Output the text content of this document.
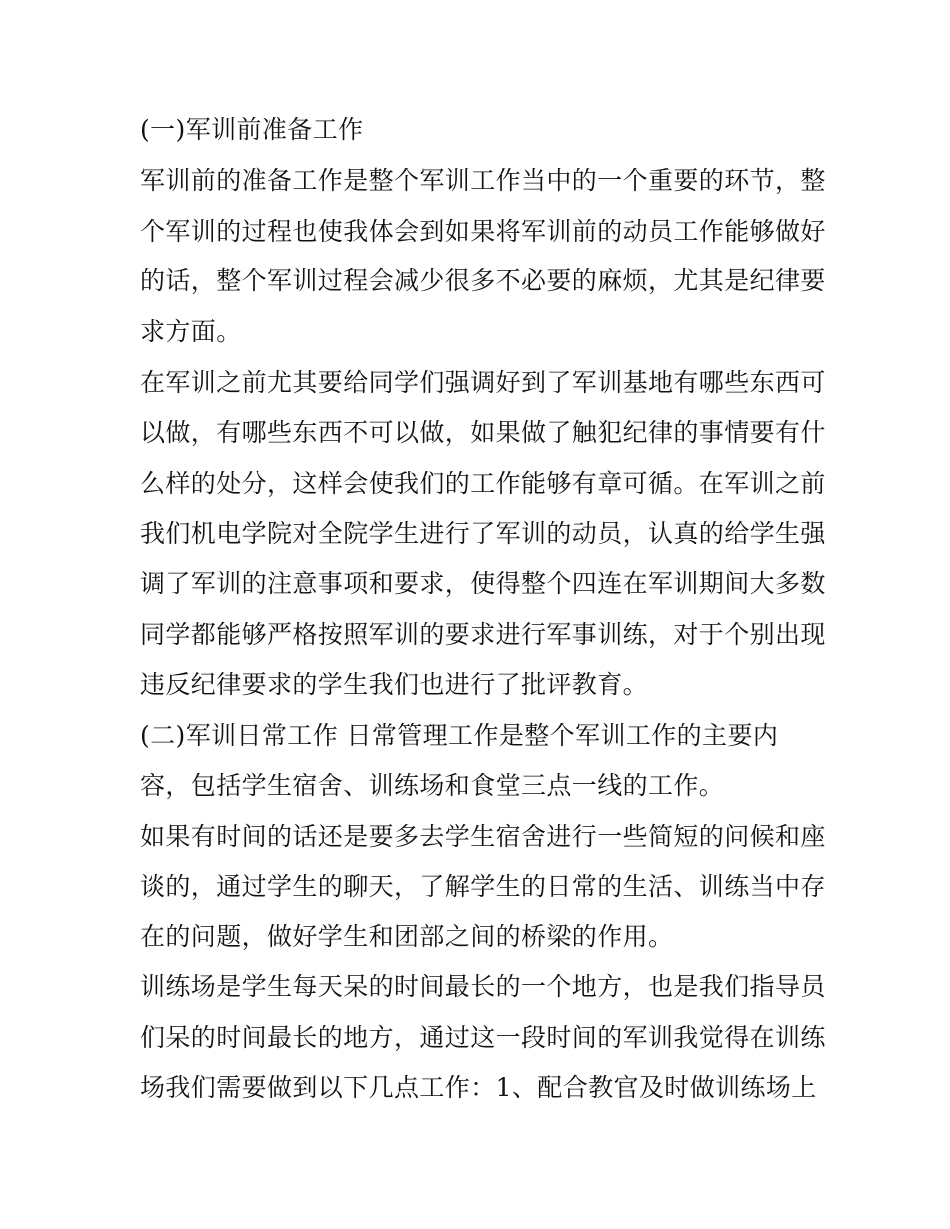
(一)军训前准备工作
军训前的准备工作是整个军训工作当中的一个重要的环节，整
个军训的过程也使我体会到如果将军训前的动员工作能够做好
的话，整个军训过程会减少很多不必要的麻烦，尤其是纪律要
求方面。
在军训之前尤其要给同学们强调好到了军训基地有哪些东西可
以做，有哪些东西不可以做，如果做了触犯纪律的事情要有什
么样的处分，这样会使我们的工作能够有章可循。在军训之前
我们机电学院对全院学生进行了军训的动员，认真的给学生强
调了军训的注意事项和要求，使得整个四连在军训期间大多数
同学都能够严格按照军训的要求进行军事训练，对于个别出现
违反纪律要求的学生我们也进行了批评教育。
(二)军训日常工作 日常管理工作是整个军训工作的主要内
容，包括学生宿舍、训练场和食堂三点一线的工作。
如果有时间的话还是要多去学生宿舍进行一些简短的问候和座
谈的，通过学生的聊天，了解学生的日常的生活、训练当中存
在的问题，做好学生和团部之间的桥梁的作用。
训练场是学生每天呆的时间最长的一个地方，也是我们指导员
们呆的时间最长的地方，通过这一段时间的军训我觉得在训练
场我们需要做到以下几点工作：1、配合教官及时做训练场上
